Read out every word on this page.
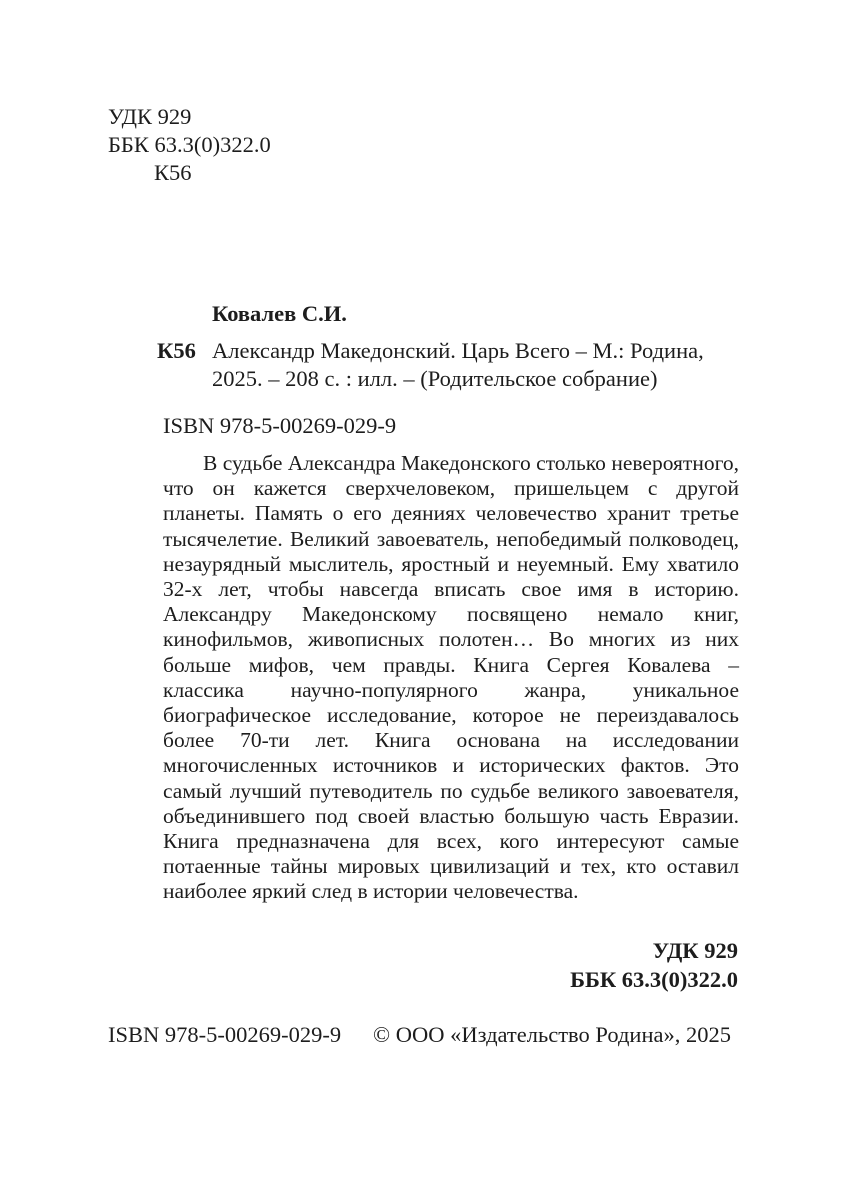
УДК 929
ББК 63.3(0)322.0
К56
Ковалев С.И.
К56 Александр Македонский. Царь Всего – М.: Родина, 2025. – 208 с. : илл. – (Родительское собрание)
ISBN 978-5-00269-029-9

В судьбе Александра Македонского столько невероятного, что он кажется сверхчеловеком, пришельцем с другой планеты. Память о его деяниях человечество хранит третье тысячелетие. Великий завоеватель, непобедимый полководец, незаурядный мыслитель, яростный и неуемный. Ему хватило 32-х лет, чтобы навсегда вписать свое имя в историю. Александру Македонскому посвящено немало книг, кинофильмов, живописных полотен… Во многих из них больше мифов, чем правды. Книга Сергея Ковалева – классика научно-популярного жанра, уникальное биографическое исследование, которое не переиздавалось более 70-ти лет. Книга основана на исследовании многочисленных источников и исторических фактов. Это самый лучший путеводитель по судьбе великого завоевателя, объединившего под своей властью большую часть Евразии. Книга предназначена для всех, кого интересуют самые потаенные тайны мировых цивилизаций и тех, кто оставил наиболее яркий след в истории человечества.

УДК 929
ББК 63.3(0)322.0
ISBN 978-5-00269-029-9 © ООО «Издательство Родина», 2025
